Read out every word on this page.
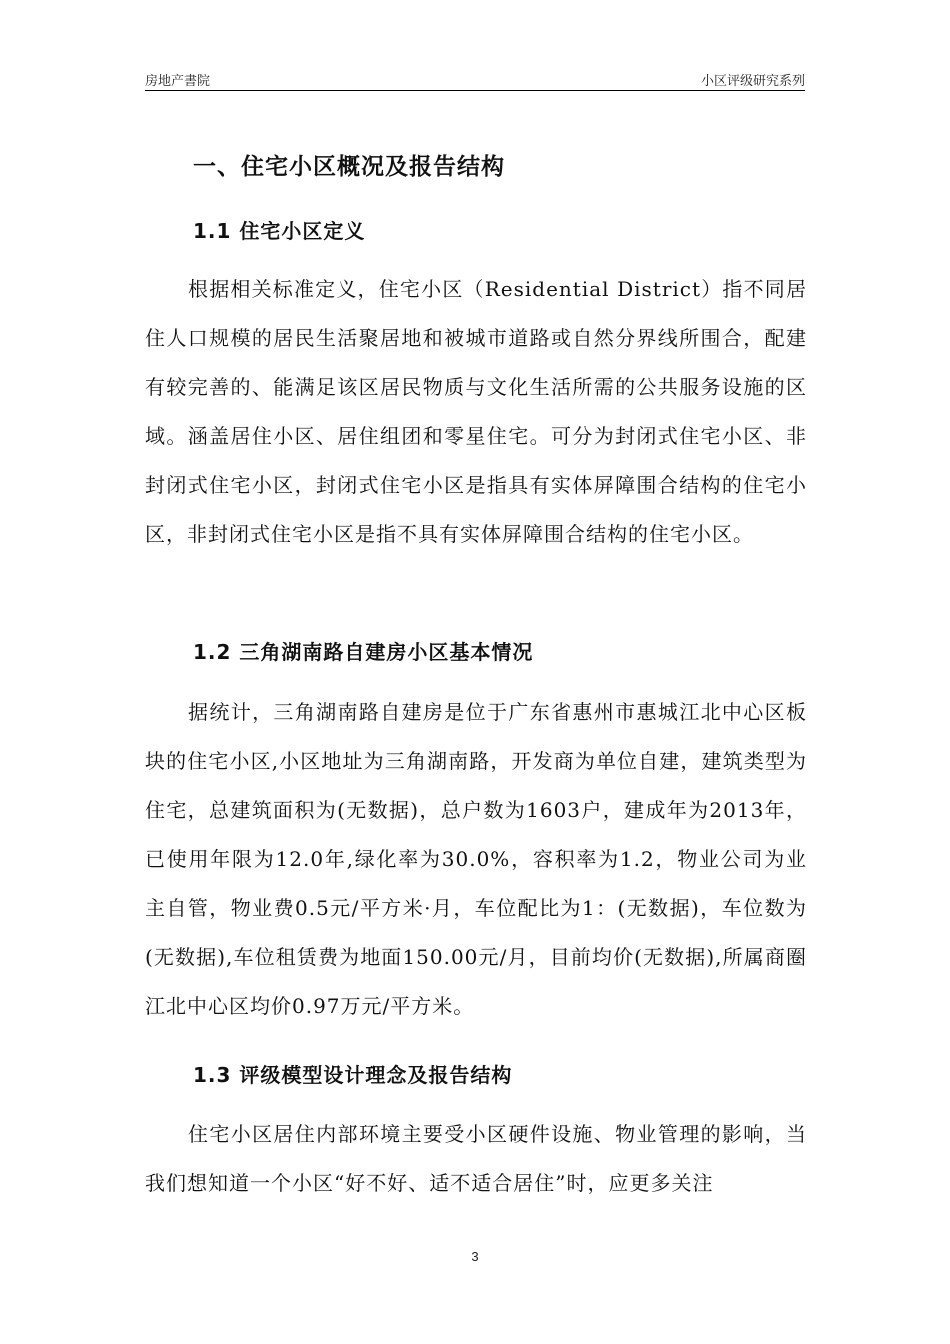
房地产書院	小区评级研究系列
一、住宅小区概况及报告结构
1.1 住宅小区定义
根据相关标准定义，住宅小区（Residential District）指不同居住人口规模的居民生活聚居地和被城市道路或自然分界线所围合，配建有较完善的、能满足该区居民物质与文化生活所需的公共服务设施的区域。涵盖居住小区、居住组团和零星住宅。可分为封闭式住宅小区、非封闭式住宅小区，封闭式住宅小区是指具有实体屏障围合结构的住宅小区，非封闭式住宅小区是指不具有实体屏障围合结构的住宅小区。
1.2 三角湖南路自建房小区基本情况
据统计，三角湖南路自建房是位于广东省惠州市惠城江北中心区板块的住宅小区,小区地址为三角湖南路，开发商为单位自建，建筑类型为住宅，总建筑面积为(无数据)，总户数为1603户，建成年为2013年，已使用年限为12.0年,绿化率为30.0%，容积率为1.2，物业公司为业主自管，物业费0.5元/平方米·月，车位配比为1：(无数据)，车位数为(无数据),车位租赁费为地面150.00元/月，目前均价(无数据),所属商圈江北中心区均价0.97万元/平方米。
1.3 评级模型设计理念及报告结构
住宅小区居住内部环境主要受小区硬件设施、物业管理的影响，当我们想知道一个小区“好不好、适不适合居住”时，应更多关注
3
